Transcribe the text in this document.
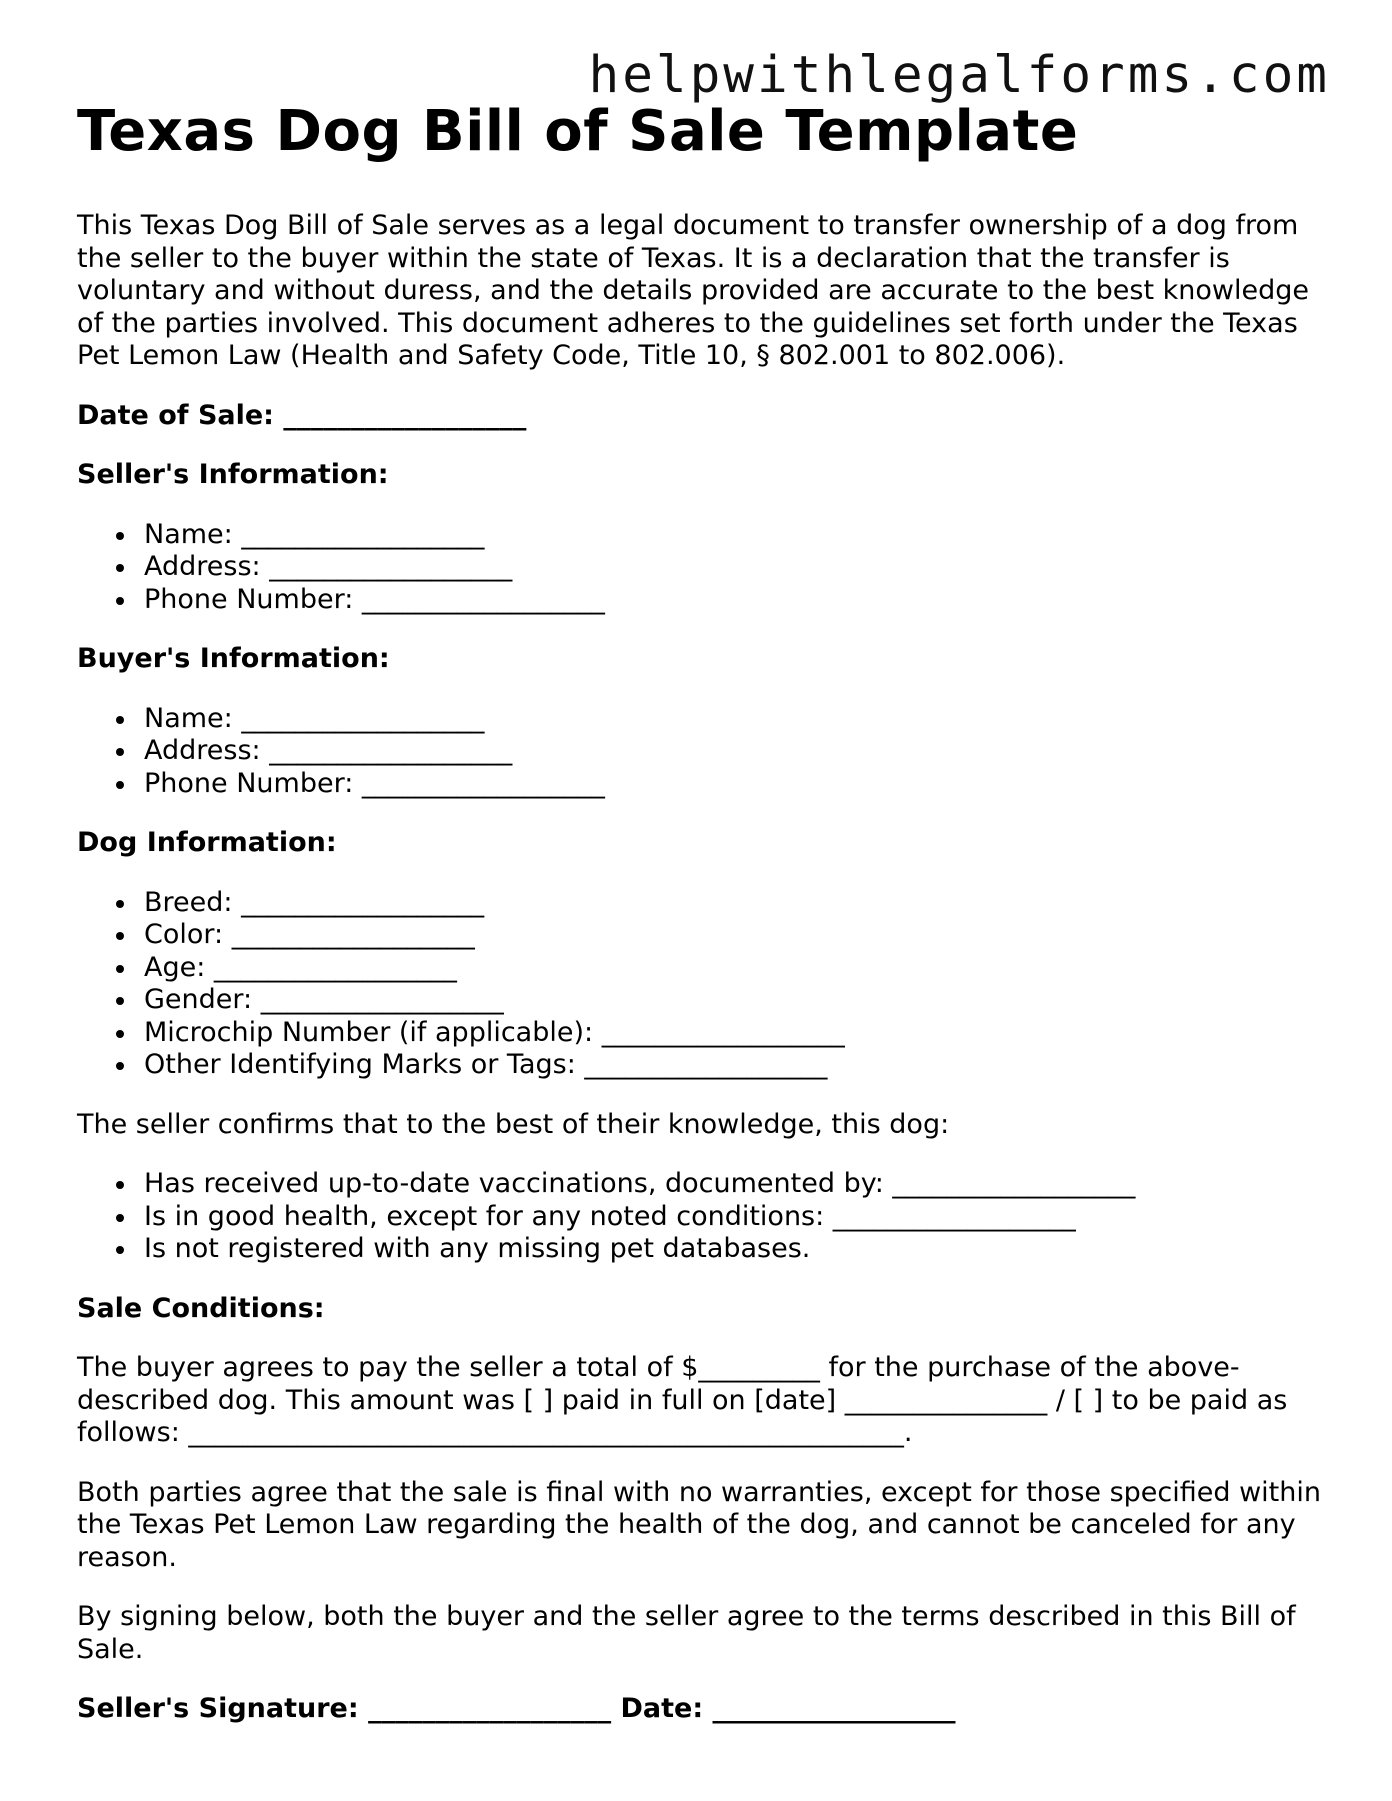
helpwithlegalforms.com
Texas Dog Bill of Sale Template

This Texas Dog Bill of Sale serves as a legal document to transfer ownership of a dog from the seller to the buyer within the state of Texas. It is a declaration that the transfer is voluntary and without duress, and the details provided are accurate to the best knowledge of the parties involved. This document adheres to the guidelines set forth under the Texas Pet Lemon Law (Health and Safety Code, Title 10, § 802.001 to 802.006).

Date of Sale: __________________
Seller's Information:
Name: __________________
Address: __________________
Phone Number: __________________
Buyer's Information:
Name: __________________
Address: __________________
Phone Number: __________________
Dog Information:
Breed: __________________
Color: __________________
Age: __________________
Gender: __________________
Microchip Number (if applicable): __________________
Other Identifying Marks or Tags: __________________

The seller confirms that to the best of their knowledge, this dog:

Has received up-to-date vaccinations, documented by: __________________
Is in good health, except for any noted conditions: __________________
Is not registered with any missing pet databases.
Sale Conditions:

The buyer agrees to pay the seller a total of $_________ for the purchase of the above-described dog. This amount was [ ] paid in full on [date] _______________ / [ ] to be paid as follows: _____________________________________________________.

Both parties agree that the sale is final with no warranties, except for those specified within the Texas Pet Lemon Law regarding the health of the dog, and cannot be canceled for any reason.

By signing below, both the buyer and the seller agree to the terms described in this Bill of Sale.

Seller's Signature: __________________ Date: __________________
